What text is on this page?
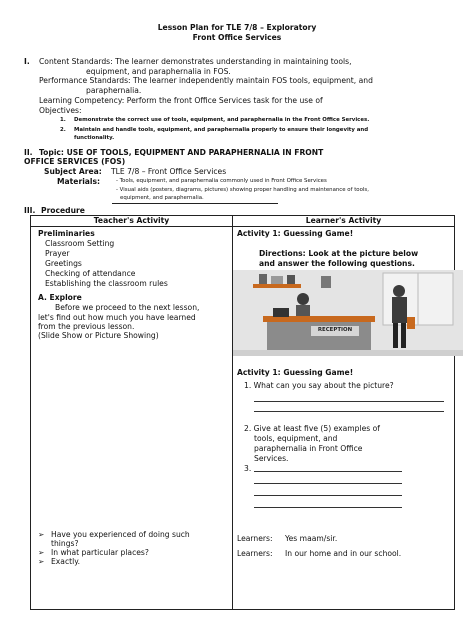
Lesson Plan for TLE 7/8 – Exploratory
Front Office Services
I. Content Standards: The learner demonstrates understanding in maintaining tools,
equipment, and paraphernalia in FOS.
Performance Standards: The learner independently maintain FOS tools, equipment, and
paraphernalia.
Learning Competency: Perform the front Office Services task for the use of
Objectives:
1. Demonstrate the correct use of tools, equipment, and paraphernalia in the Front Office Services.
2. Maintain and handle tools, equipment, and paraphernalia properly to ensure their longevity and
functionality.
II. Topic: USE OF TOOLS, EQUIPMENT AND PARAPHERNALIA IN FRONT
OFFICE SERVICES (FOS)
Subject Area: TLE 7/8 – Front Office Services
Materials:	- Tools, equipment, and paraphernalia commonly used in Front Office Services
- Visual aids (posters, diagrams, pictures) showing proper handling and maintenance of tools,
equipment, and paraphernalia.
III. Procedure
Teacher's Activity	Learner's Activity
Preliminaries
Classroom Setting
Prayer
Greetings
Checking of attendance
Establishing the classroom rules
A. Explore
Before we proceed to the next lesson,
let's find out how much you have learned
from the previous lesson.
(Slide Show or Picture Showing)
➢ Have you experienced of doing such
things?
➢ In what particular places?
➢ Exactly.
Activity 1: Guessing Game!
Directions: Look at the picture below
and answer the following questions.
RECEPTION
Activity 1: Guessing Game!
1. What can you say about the picture?
2. Give at least five (5) examples of
tools, equipment, and
paraphernalia in Front Office
Services.
3.
Learners: Yes maam/sir.
Learners: In our home and in our school.
